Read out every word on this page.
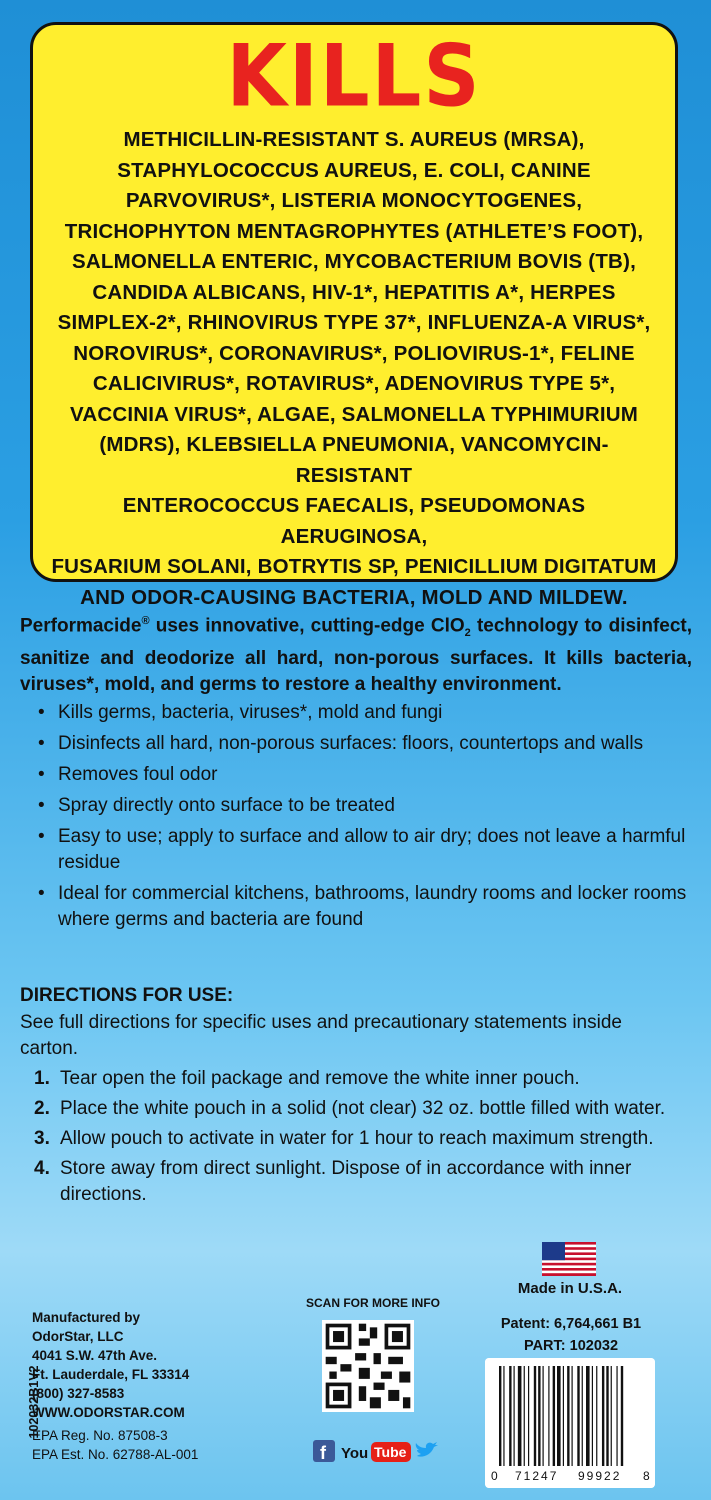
KILLS
METHICILLIN-RESISTANT S. AUREUS (MRSA),
STAPHYLOCOCCUS AUREUS, E. COLI, CANINE
PARVOVIRUS*, LISTERIA MONOCYTOGENES,
TRICHOPHYTON MENTAGROPHYTES (ATHLETE’S FOOT),
SALMONELLA ENTERIC, MYCOBACTERIUM BOVIS (TB),
CANDIDA ALBICANS, HIV-1*, HEPATITIS A*, HERPES
SIMPLEX-2*, RHINOVIRUS TYPE 37*, INFLUENZA-A VIRUS*,
NOROVIRUS*, CORONAVIRUS*, POLIOVIRUS-1*, FELINE
CALICIVIRUS*, ROTAVIRUS*, ADENOVIRUS TYPE 5*,
VACCINIA VIRUS*, ALGAE, SALMONELLA TYPHIMURIUM
(MDRS), KLEBSIELLA PNEUMONIA, VANCOMYCIN-RESISTANT
ENTEROCOCCUS FAECALIS, PSEUDOMONAS AERUGINOSA,
FUSARIUM SOLANI, BOTRYTIS SP, PENICILLIUM DIGITATUM
AND ODOR-CAUSING BACTERIA, MOLD AND MILDEW.
Performacide® uses innovative, cutting-edge ClO$_2$ technology to disinfect, sanitize and deodorize all hard, non-porous surfaces. It kills bacteria, viruses*, mold, and germs to restore a healthy environment.
• Kills germs, bacteria, viruses*, mold and fungi
• Disinfects all hard, non-porous surfaces: floors, countertops and walls
• Removes foul odor
• Spray directly onto surface to be treated
• Easy to use; apply to surface and allow to air dry; does not leave a harmful residue
• Ideal for commercial kitchens, bathrooms, laundry rooms and locker rooms where germs and bacteria are found
DIRECTIONS FOR USE:
See full directions for specific uses and precautionary statements inside carton.
1. Tear open the foil package and remove the white inner pouch.
2. Place the white pouch in a solid (not clear) 32 oz. bottle filled with water.
3. Allow pouch to activate in water for 1 hour to reach maximum strength.
4. Store away from direct sunlight. Dispose of in accordance with inner directions.
Made in U.S.A.
Patent: 6,764,661 B1
PART: 102032
Manufactured by
OdorStar, LLC
4041 S.W. 47th Ave.
Ft. Lauderdale, FL 33314
(800) 327-8583
WWW.ODORSTAR.COM
EPA Reg. No. 87508-3
EPA Est. No. 62788-AL-001
102032B1V2
SCAN FOR MORE INFO
f You Tube
0 71247 99922 8
